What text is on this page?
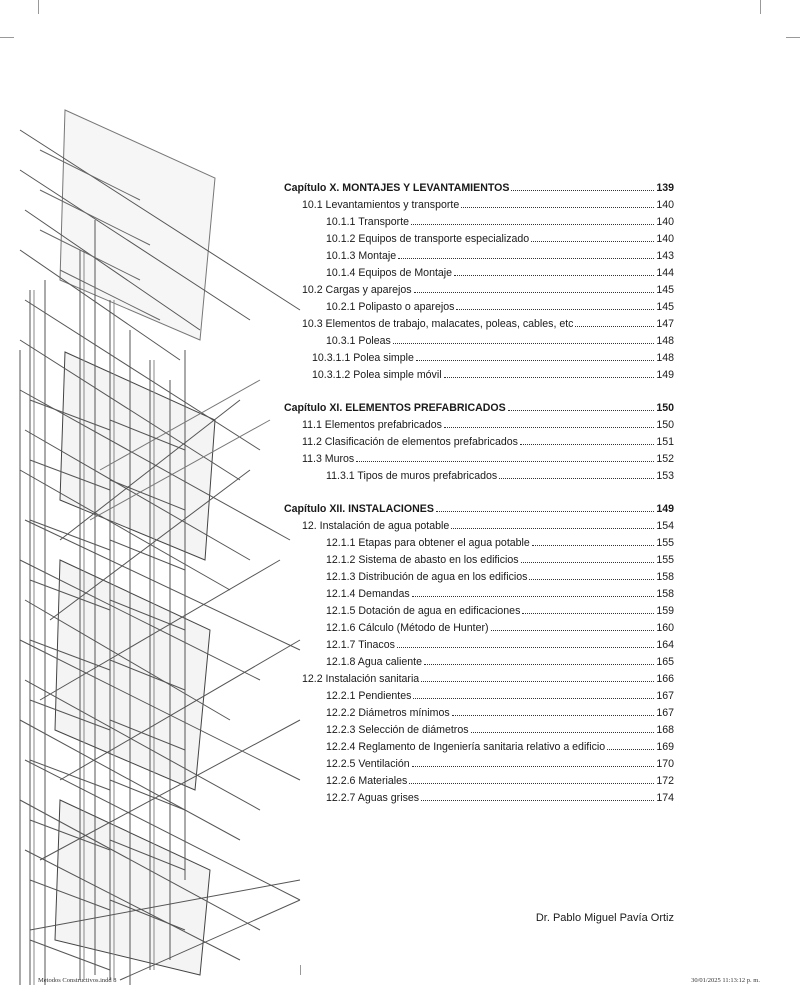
Capítulo X. MONTAJES Y LEVANTAMIENTOS	139
10.1 Levantamientos y transporte	140
10.1.1 Transporte	140
10.1.2 Equipos de transporte especializado	140
10.1.3 Montaje	143
10.1.4 Equipos de Montaje	144
10.2 Cargas y aparejos	145
10.2.1 Polipasto o aparejos	145
10.3 Elementos de trabajo, malacates, poleas, cables, etc	147
10.3.1 Poleas	148
10.3.1.1 Polea simple	148
10.3.1.2 Polea simple móvil	149
Capítulo XI. ELEMENTOS PREFABRICADOS	150
11.1 Elementos prefabricados	150
11.2 Clasificación de elementos prefabricados	151
11.3 Muros	152
11.3.1 Tipos de muros prefabricados	153
Capítulo XII. INSTALACIONES	149
12. Instalación de agua potable	154
12.1.1 Etapas para obtener el agua potable	155
12.1.2 Sistema de abasto en los edificios	155
12.1.3 Distribución de agua en los edificios	158
12.1.4 Demandas	158
12.1.5 Dotación de agua en edificaciones	159
12.1.6 Cálculo (Método de Hunter)	160
12.1.7 Tinacos	164
12.1.8 Agua caliente	165
12.2 Instalación sanitaria	166
12.2.1 Pendientes	167
12.2.2 Diámetros mínimos	167
12.2.3 Selección de diámetros	168
12.2.4 Reglamento de Ingeniería sanitaria relativo a edificio	169
12.2.5 Ventilación	170
12.2.6 Materiales	172
12.2.7 Aguas grises	174
Dr. Pablo Miguel Pavía Ortiz
Metodos Constructivos.indd 8	30/01/2025 11:13:12 p. m.
